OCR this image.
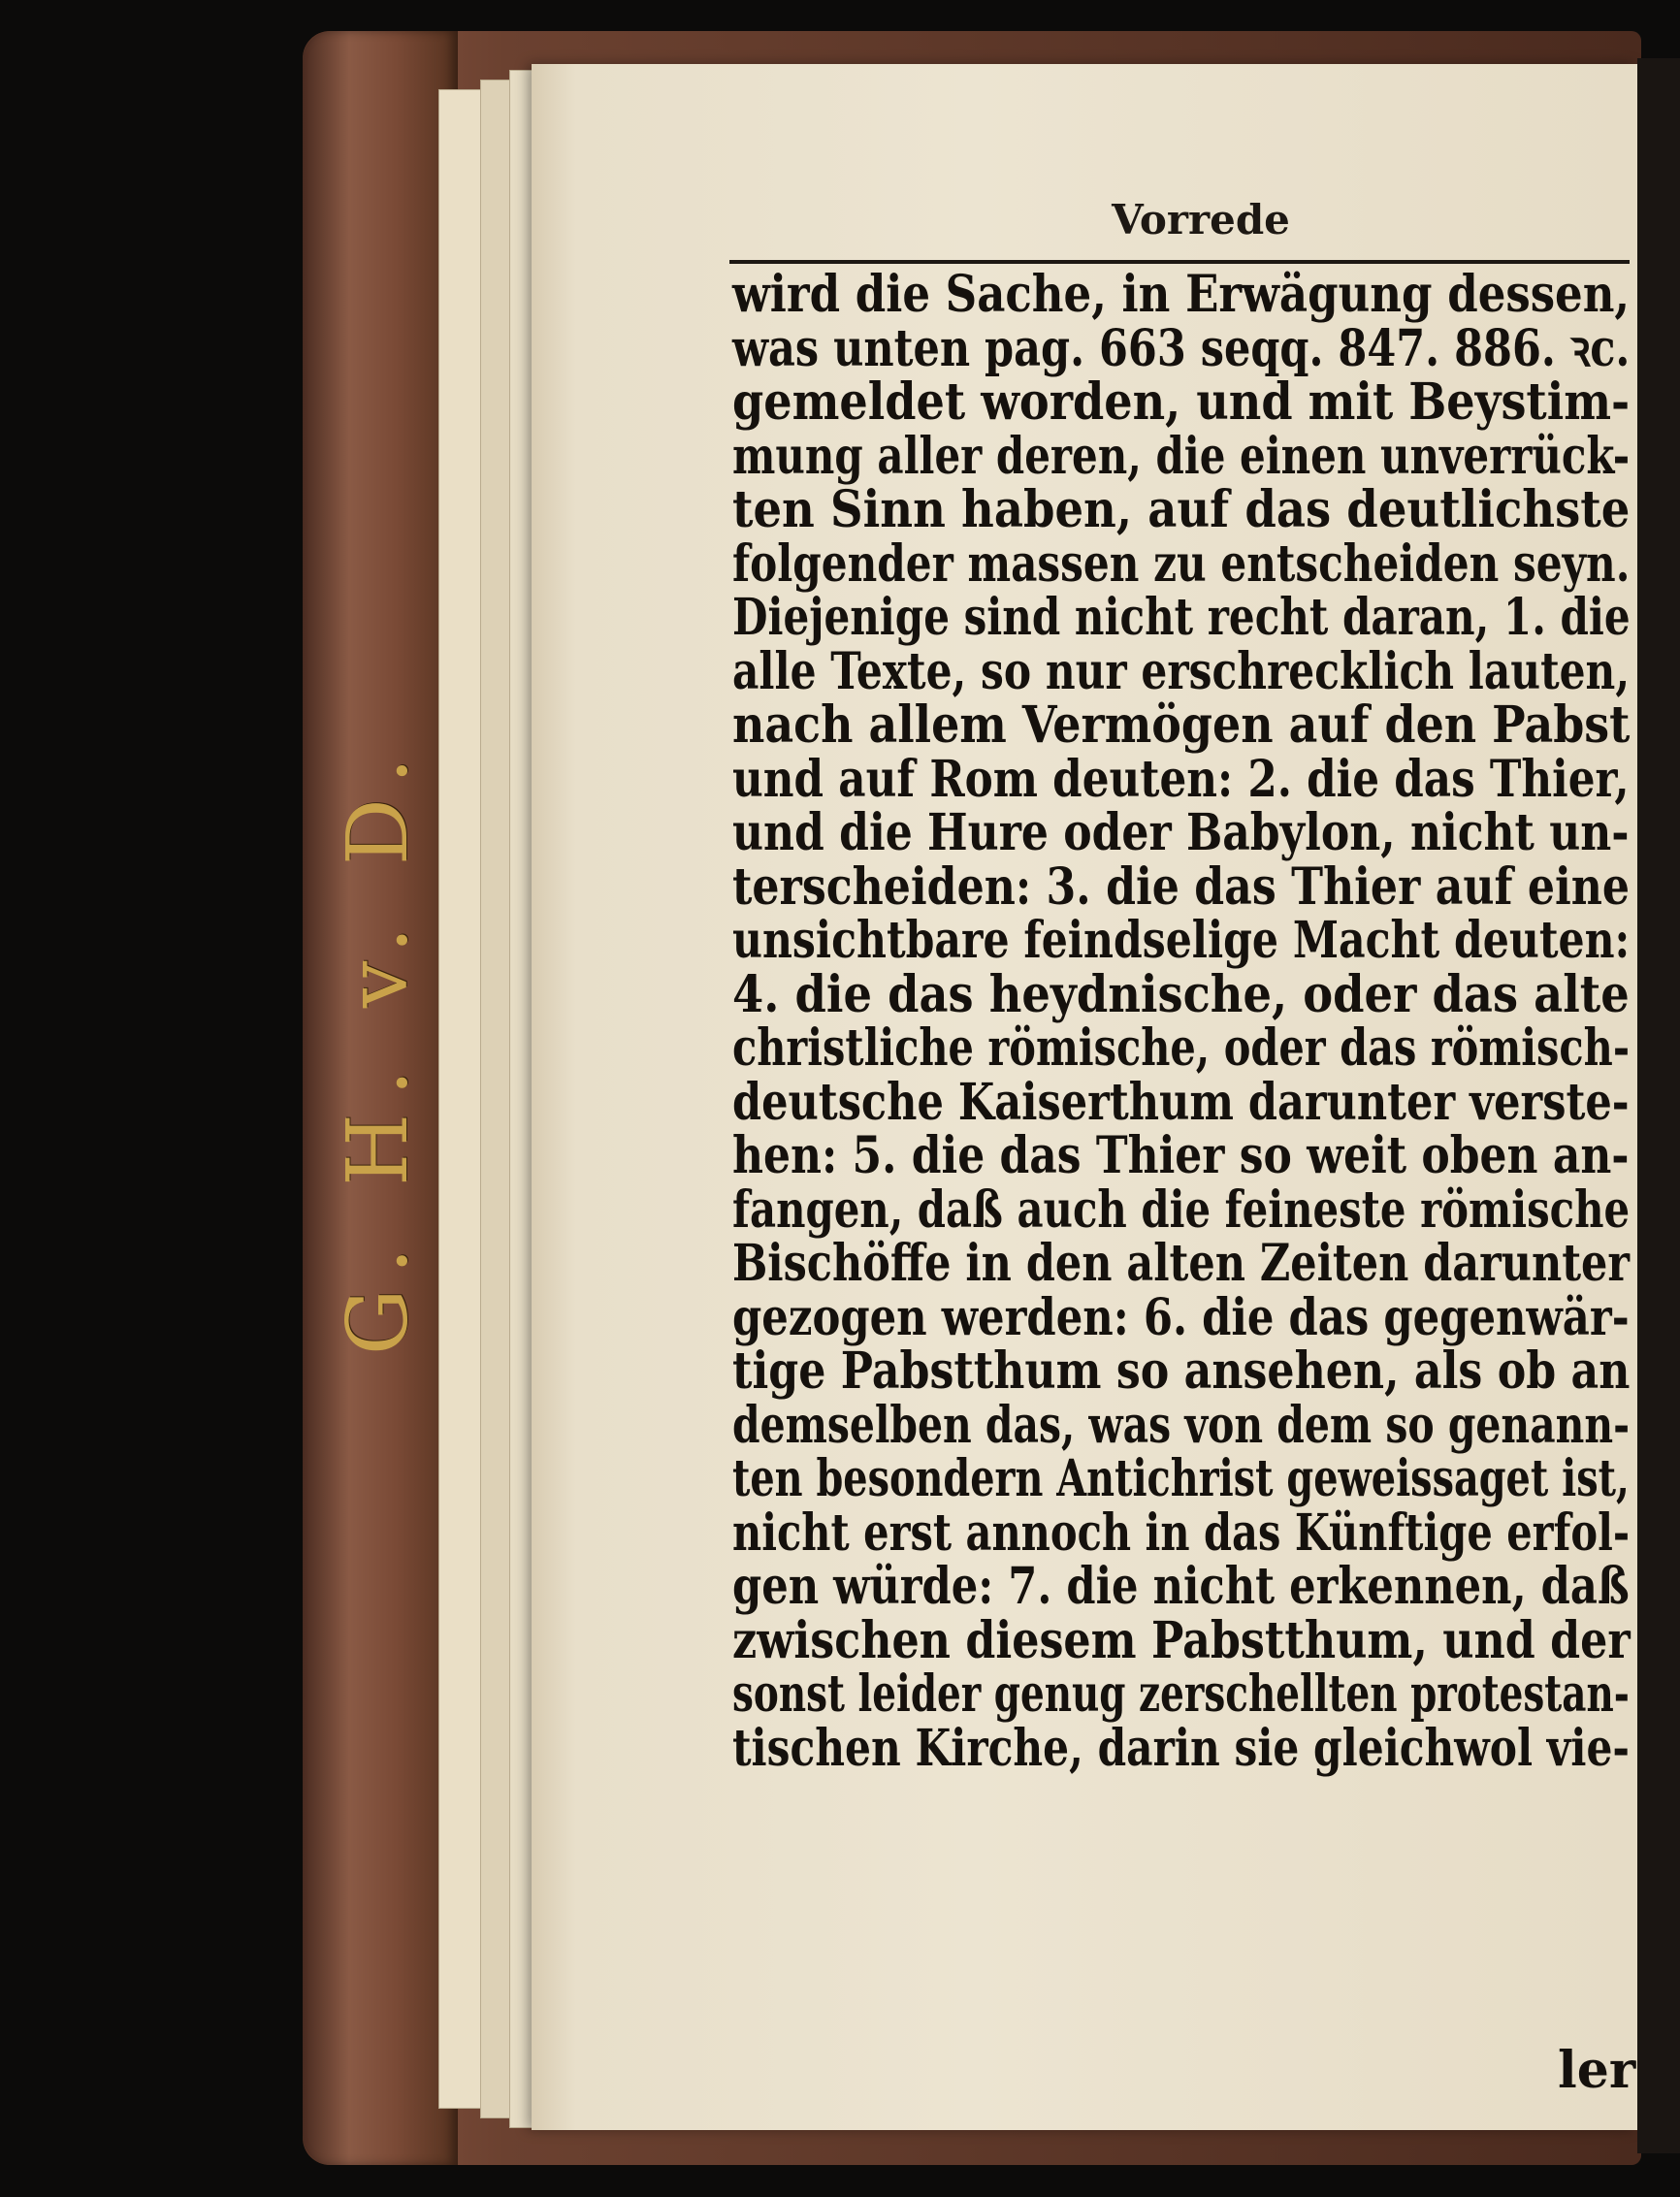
G. H. v. D.
Vorrede
wird die Sache, in Erwägung dessen,
was unten pag. 663 seqq. 847. 886. ꝛc.
gemeldet worden, und mit Beystim-
mung aller deren, die einen unverrück-
ten Sinn haben, auf das deutlichste
folgender massen zu entscheiden seyn.
Diejenige sind nicht recht daran, 1. die
alle Texte, so nur erschrecklich lauten,
nach allem Vermögen auf den Pabst
und auf Rom deuten: 2. die das Thier,
und die Hure oder Babylon, nicht un-
terscheiden: 3. die das Thier auf eine
unsichtbare feindselige Macht deuten:
4. die das heydnische, oder das alte
christliche römische, oder das römisch-
deutsche Kaiserthum darunter verste-
hen: 5. die das Thier so weit oben an-
fangen, daß auch die feineste römische
Bischöffe in den alten Zeiten darunter
gezogen werden: 6. die das gegenwär-
tige Pabstthum so ansehen, als ob an
demselben das, was von dem so genann-
ten besondern Antichrist geweissaget ist,
nicht erst annoch in das Künftige erfol-
gen würde: 7. die nicht erkennen, daß
zwischen diesem Pabstthum, und der
sonst leider genug zerschellten protestan-
tischen Kirche, darin sie gleichwol vie-
ler
